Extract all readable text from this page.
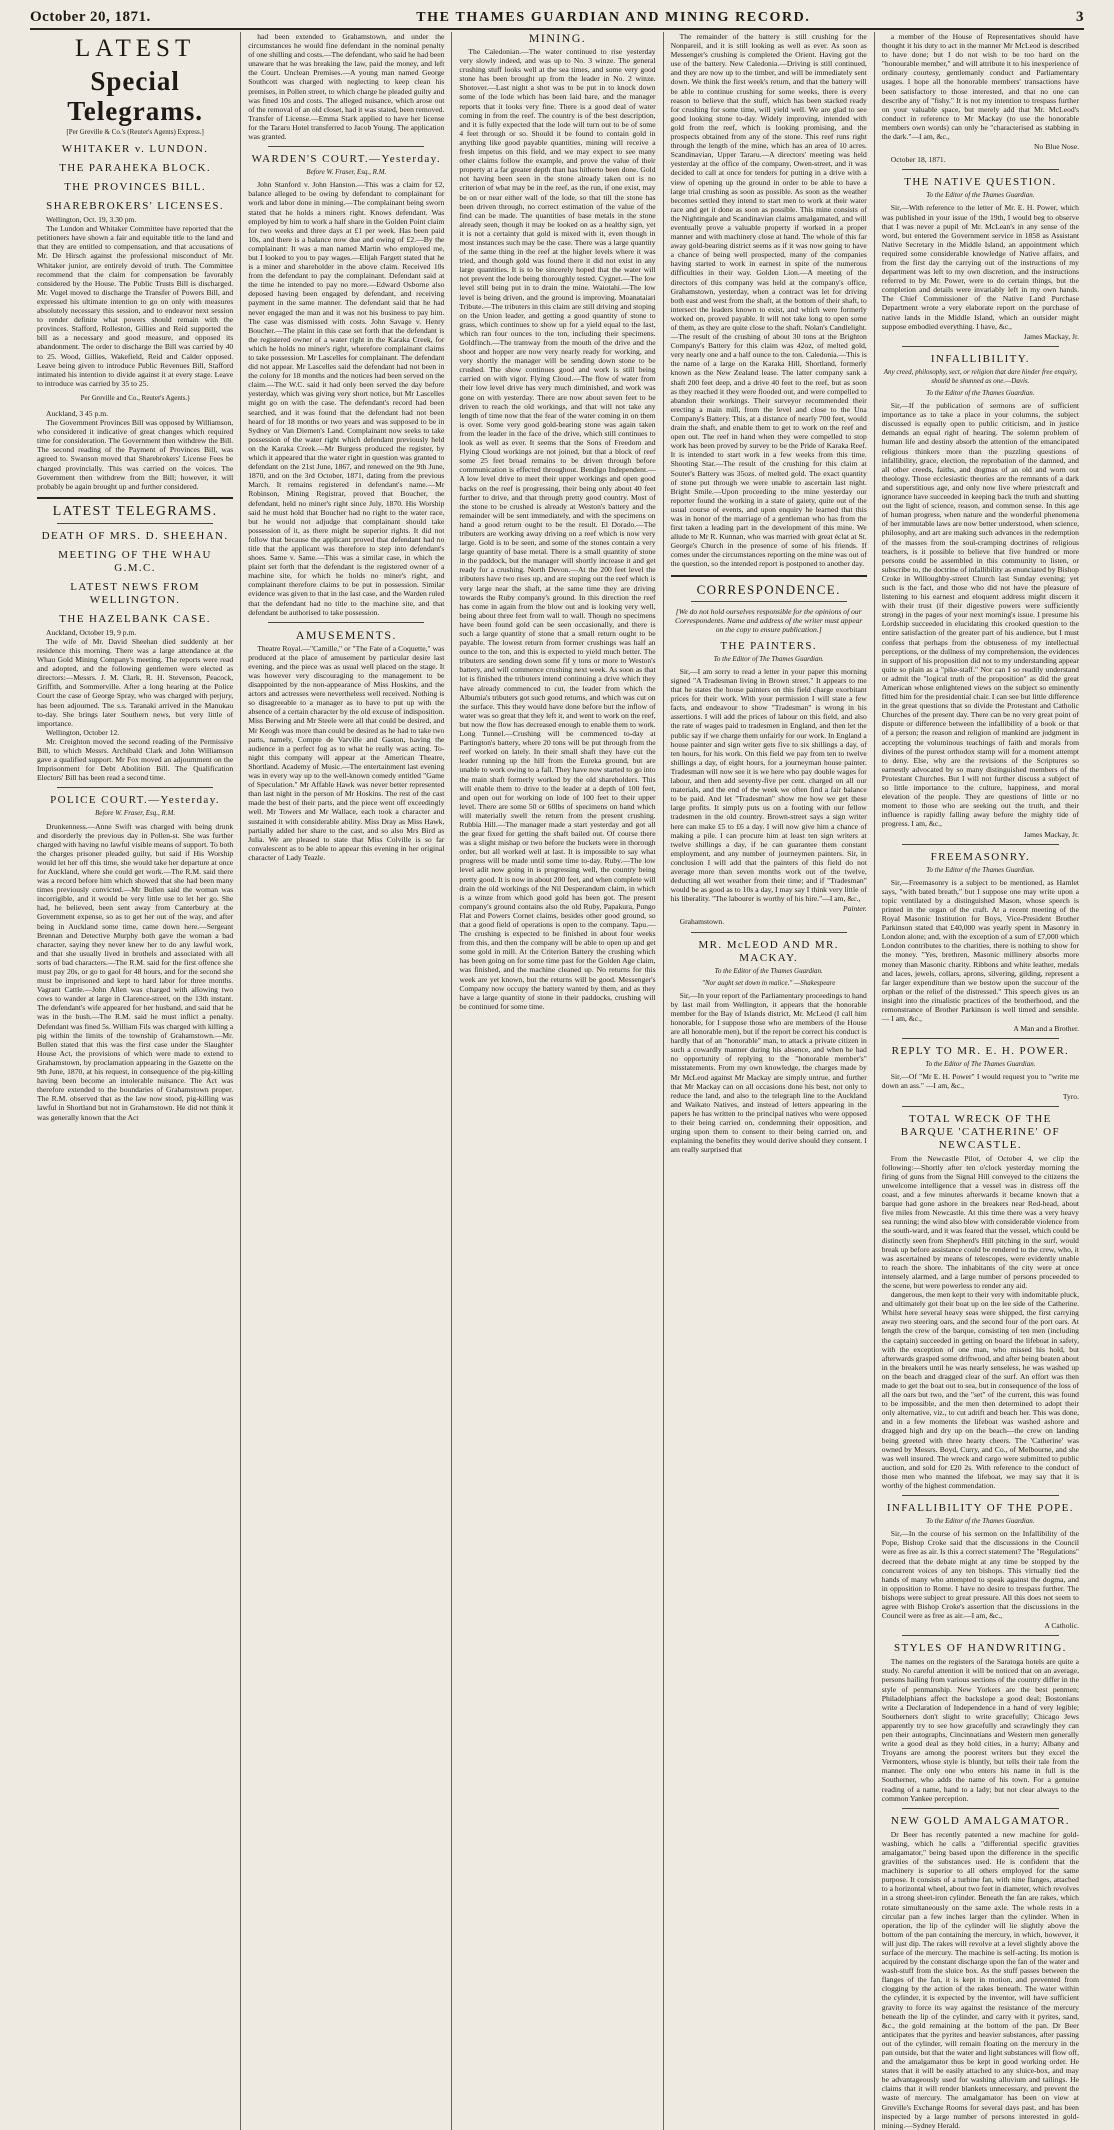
October 20, 1871.	THE THAMES GUARDIAN AND MINING RECORD.	3
LATEST
Special Telegrams.
[Per Greville & Co.'s (Reuter's Agents) Express.]
WHITAKER v. LUNDON.
THE PARAHEKA BLOCK.
THE PROVINCES BILL.
SHAREBROKERS' LICENSES.

Wellington, Oct. 19, 3.30 pm.

The Lundon and Whitaker Committee have reported that the petitioners have shown a fair and equitable title to the land and that they are entitled to compensation, and that accusations of Mr. De Hirsch against the professional misconduct of Mr. Whitaker junior, are entirely devoid of truth. The Committee recommend that the claim for compensation be favorably considered by the House. The Public Trusts Bill is discharged. Mr. Vogel moved to discharge the Transfer of Powers Bill, and expressed his ultimate intention to go on only with measures absolutely necessary this session, and to endeavor next session to render definite what powers should remain with the provinces. Stafford, Rolleston, Gillies and Reid supported the bill as a necessary and good measure, and opposed its abandonment. The order to discharge the Bill was carried by 40 to 25. Wood, Gillies, Wakefield, Reid and Calder opposed. Leave being given to introduce Public Revenues Bill, Stafford intimated his intention to divide against it at every stage. Leave to introduce was carried by 35 to 25.

Per Greville and Co., Reuter's Agents.)

Auckland, 3 45 p.m.

The Government Provinces Bill was opposed by Williamson, who considered it indicative of great changes which required time for consideration. The Government then withdrew the Bill. The second reading of the Payment of Provinces Bill, was agreed to. Swanson moved that Sharebrokers' License Fees be charged provincially. This was carried on the voices. The Government then withdrew from the Bill; however, it will probably be again brought up and further considered.

LATEST TELEGRAMS.
DEATH OF MRS. D. SHEEHAN.
MEETING OF THE WHAU G.M.C.
LATEST NEWS FROM WELLINGTON.
THE HAZELBANK CASE.

Auckland, October 19, 9 p.m.

The wife of Mr. David Sheehan died suddenly at her residence this morning. There was a large attendance at the Whau Gold Mining Company's meeting. The reports were read and adopted, and the following gentlemen were elected as directors:—Messrs. J. M. Clark, R. H. Stevenson, Peacock, Griffith, and Sommerville. After a long hearing at the Police Court the case of George Spray, who was charged with perjury, has been adjourned. The s.s. Taranaki arrived in the Manukau to-day. She brings later Southern news, but very little of importance.

Wellington, October 12.

Mr. Creighton moved the second reading of the Permissive Bill, to which Messrs. Archibald Clark and John Williamson gave a qualified support. Mr Fox moved an adjournment on the Imprisonment for Debt Abolition Bill. The Qualification Electors' Bill has been read a second time.

POLICE COURT.—Yesterday.
Before W. Fraser, Esq., R.M.

Drunkenness.—Anne Swift was charged with being drunk and disorderly the previous day in Pollen-st. She was further charged with having no lawful visible means of support. To both the charges prisoner pleaded guilty, but said if His Worship would let her off this time, she would take her departure at once for Auckland, where she could get work.—The R.M. said there was a record before him which showed that she had been many times previously convicted.—Mr Bullen said the woman was incorrigible, and it would be very little use to let her go. She had, he believed, been sent away from Canterbury at the Government expense, so as to get her out of the way, and after being in Auckland some time, came down here.—Sergeant Brennan and Detective Murphy both gave the woman a bad character, saying they never knew her to do any lawful work, and that she usually lived in brothels and associated with all sorts of bad characters.—The R.M. said for the first offence she must pay 20s, or go to gaol for 48 hours, and for the second she must be imprisoned and kept to hard labor for three months. Vagrant Cattle.—John Allen was charged with allowing two cows to wander at large in Clarence-street, on the 13th instant. The defendant's wife appeared for her husband, and said that he was in the bush.—The R.M. said he must inflict a penalty. Defendant was fined 5s. William Fils was charged with killing a pig within the limits of the township of Grahamstown.—Mr. Bullen stated that this was the first case under the Slaughter House Act, the provisions of which were made to extend to Grahamstown, by proclamation appearing in the Gazette on the 9th June, 1870, at his request, in consequence of the pig-killing having been become an intolerable nuisance. The Act was therefore extended to the boundaries of Grahamstown proper. The R.M. observed that as the law now stood, pig-killing was lawful in Shortland but not in Grahamstown. He did not think it was generally known that the Act

had been extended to Grahamstown, and under the circumstances he would fine defendant in the nominal penalty of one shilling and costs.—The defendant, who said he had been unaware that he was breaking the law, paid the money, and left the Court. Unclean Premises.—A young man named George Southcott was charged with neglecting to keep clean his premises, in Pollen street, to which charge he pleaded guilty and was fined 10s and costs. The alleged nuisance, which arose out of the removal of an old closet, had it was stated, been removed. Transfer of License.—Emma Stark applied to have her license for the Tararu Hotel transferred to Jacob Young. The application was granted.

WARDEN'S COURT.—Yesterday.
Before W. Fraser, Esq., R.M.

John Stanford v. John Hanston.—This was a claim for £2, balance alleged to be owing by defendant to complainant for work and labor done in mining.—The complainant being sworn stated that he holds a miners right. Knows defendant. Was employed by him to work a half share in the Golden Point claim for two weeks and three days at £1 per week. Has been paid 10s, and there is a balance now due and owing of £2.—By the complainant: It was a man named Martin who employed me, but I looked to you to pay wages.—Elijah Fargett stated that he is a miner and shareholder in the above claim. Received 10s from the defendant to pay the complainant. Defendant said at the time he intended to pay no more.—Edward Osborne also deposed having been engaged by defendant, and receiving payment in the same manner. The defendant said that he had never engaged the man and it was not his business to pay him. The case was dismissed with costs. John Savage v. Henry Boucher.—The plaint in this case set forth that the defendant is the registered owner of a water right in the Karaka Creek, for which he holds no miner's right, wherefore complainant claims to take possession. Mr Lascelles for complainant. The defendant did not appear. Mr Lascelles said the defendant had not been in the colony for 18 months and the notices had been served on the claim.—The W.C. said it had only been served the day before yesterday, which was giving very short notice, but Mr Lascelles might go on with the case. The defendant's record had been searched, and it was found that the defendant had not been heard of for 18 months or two years and was supposed to be in Sydney or Van Diemen's Land. Complainant now seeks to take possession of the water right which defendant previously held on the Karaka Creek.—Mr Burgess produced the register, by which it appeared that the water right in question was granted to defendant on the 21st June, 1867, and renewed on the 9th June, 1870, and on the 3rd October, 1871, dating from the previous March. It remains registered in defendant's name.—Mr Robinson, Mining Registrar, proved that Boucher, the defendant, held no miner's right since July, 1870. His Worship said he must hold that Boucher had no right to the water race, but he would not adjudge that complainant should take possession of it, as there might be superior rights. It did not follow that because the applicant proved that defendant had no title that the applicant was therefore to step into defendant's shoes. Same v. Same.—This was a similar case, in which the plaint set forth that the defendant is the registered owner of a machine site, for which he holds no miner's right, and complainant therefore claims to be put in possession. Similar evidence was given to that in the last case, and the Warden ruled that the defendant had no title to the machine site, and that defendant be authorised to take possession.

AMUSEMENTS.

Theatre Royal.—"Camille," or "The Fate of a Coquette," was produced at the place of amusement by particular desire last evening, and the piece was as usual well placed on the stage. It was however very discouraging to the management to be disappointed by the non-appearance of Miss Hoskins, and the actors and actresses were nevertheless well received. Nothing is so disagreeable to a manager as to have to put up with the absence of a certain character by the old excuse of indisposition. Miss Berwing and Mr Steele were all that could be desired, and Mr Keogh was more than could be desired as he had to take two parts, namely, Compte de Varville and Gaston, having the audience in a perfect fog as to what he really was acting. To-night this company will appear at the American Theatre, Shortland. Academy of Music.—The entertainment last evening was in every way up to the well-known comedy entitled "Game of Speculation." Mr Affable Hawk was never better represented than last night in the person of Mr Hoskins. The rest of the cast made the best of their parts, and the piece went off exceedingly well. Mr Towers and Mr Wallace, each took a character and sustained it with considerable ability. Miss Dray as Miss Hawk, partially added her share to the cast, and so also Mrs Bird as Julia. We are pleased to state that Miss Colville is so far convalescent as to be able to appear this evening in her original character of Lady Teazle.

MINING.

The Caledonian.—The water continued to rise yesterday very slowly indeed, and was up to No. 3 winze. The general crushing stuff looks well at the sea times, and some very good stone has been brought up from the leader in No. 2 winze. Shotover.—Last night a shot was to be put in to knock down some of the lode which has been laid bare, and the manager reports that it looks very fine. There is a good deal of water coming in from the reef. The country is of the best description, and it is fully expected that the lode will turn out to be of some 4 feet through or so. Should it be found to contain gold in anything like good payable quantities, mining will receive a fresh impetus on this field, and we may expect to see many other claims follow the example, and prove the value of their property at a far greater depth than has hitherto been done. Gold not having been seen in the stone already taken out is no criterion of what may be in the reef, as the run, if one exist, may be on or near either wall of the lode, so that till the stone has been driven through, no correct estimation of the value of the find can be made. The quantities of base metals in the stone already seen, though it may be looked on as a healthy sign, yet it is not a certainty that gold is mixed with it, even though in most instances such may be the case. There was a large quantity of the same thing in the reef at the higher levels where it was tried, and though gold was found there it did not exist in any large quantities. It is to be sincerely hoped that the water will not prevent the lode being thoroughly tested. Cygnet.—The low level still being put in to drain the mine. Waiotahi.—The low level is being driven, and the ground is improving. Moanataiari Tribute.—The tributers in this claim are still driving and stoping on the Union leader, and getting a good quantity of stone to grass, which continues to show up for a yield equal to the last, which ran four ounces to the ton, including their specimens. Goldfinch.—The tramway from the mouth of the drive and the shoot and hopper are now very nearly ready for working, and very shortly the manager will be sending down stone to be crushed. The show continues good and work is still being carried on with vigor. Flying Cloud.—The flow of water from their low level drive has very much diminished, and work was gone on with yesterday. There are now about seven feet to be driven to reach the old workings, and that will not take any length of time now that the fear of the water coming in on them is over. Some very good gold-bearing stone was again taken from the leader in the face of the drive, which still continues to look as well as ever. It seems that the Sons of Freedom and Flying Cloud workings are not joined, but that a block of reef some 25 feet broad remains to be driven through before communication is effected throughout. Bendigo Independent.—A low level drive to meet their upper workings and open good backs on the reef is progressing, their being only about 40 feet further to drive, and that through pretty good country. Most of the stone to be crushed is already at Weston's battery and the remainder will be sent immediately, and with the specimens on hand a good return ought to be the result. El Dorado.—The tributers are working away driving on a reef which is now very large. Gold is to be seen, and some of the stones contain a very large quantity of base metal. There is a small quantity of stone in the paddock, but the manager will shortly increase it and get ready for a crushing. North Devon.—At the 200 feet level the tributers have two rises up, and are stoping out the reef which is very large near the shaft, at the same time they are driving towards the Ruby company's ground. In this direction the reef has come in again from the blow out and is looking very well, being about three feet from wall to wall. Though no specimens have been found gold can be seen occasionally, and there is such a large quantity of stone that a small return ought to be payable. The lowest return from former crushings was half an ounce to the ton, and this is expected to yield much better. The tributers are sending down some fif y tons or more to Weston's battery, and will commence crushing next week. As soon as that lot is finished the tributers intend continuing a drive which they have already commenced to cut, the leader from which the Albumia's tributers got such good returns, and which was cut on the surface. This they would have done before but the inflow of water was so great that they left it, and went to work on the reef, but now the flow has decreased enough to enable them to work. Long Tunnel.—Crushing will be commenced to-day at Partington's battery, where 20 tons will be put through from the reef worked on lately. In their small shaft they have cut the leader running up the hill from the Eureka ground, but are unable to work owing to a fall. They have now started to go into the main shaft formerly worked by the old shareholders. This will enable them to drive to the leader at a depth of 100 feet, and open out for working on lode of 100 feet to their upper level. There are some 50 or 60lbs of specimens on hand which will materially swell the return from the present crushing. Rubbia Hill.—The manager made a start yesterday and got all the gear fixed for getting the shaft bailed out. Of course there was a slight mishap or two before the buckets were in thorough order, but all worked well at last. It is impossible to say what progress will be made until some time to-day. Ruby.—The low level adit now going in is progressing well, the country being pretty good. It is now in about 200 feet, and when complete will drain the old workings of the Nil Desperandum claim, in which is a winze from which good gold has been got. The present company's ground contains also the old Ruby, Papakura, Pungo Flat and Powers Cornet claims, besides other good ground, so that a good field of operations is open to the company. Tapu.—The crushing is expected to be finished in about four weeks from this, and then the company will be able to open up and get some gold in mill. At the Criterion Battery the crushing which has been going on for some time past for the Golden Age claim, was finished, and the machine cleaned up. No returns for this week are yet known, but the returns will be good. Messenger's Company now occupy the battery wanted by them, and as they have a large quantity of stone in their paddocks, crushing will be continued for some time.

The remainder of the battery is still crushing for the Nonpareil, and it is still looking as well as ever. As soon as Messenger's crushing is completed the Orient. Having got the use of the battery. New Caledonia.—Driving is still continued, and they are now up to the timber, and will be immediately sent down. We think the first week's return, and that the battery will be able to continue crushing for some weeks, there is every reason to believe that the stuff, which has been stacked ready for crushing for some time, will yield well. We are glad to see good looking stone to-day. Widely improving, intended with gold from the reef, which is looking promising, and the prospects obtained from any of the stone. This reef runs right through the length of the mine, which has an area of 10 acres. Scandinavian, Upper Tararu.—A directors' meeting was held yesterday at the office of the company, Owen-street, and it was decided to call at once for tenders for putting in a drive with a view of opening up the ground in order to be able to have a large trial crushing as soon as possible. As soon as the weather becomes settled they intend to start men to work at their water race and get it done as soon as possible. This mine consists of the Nightingale and Scandinavian claims amalgamated, and will eventually prove a valuable property if worked in a proper manner and with machinery close at hand. The whole of this far away gold-bearing district seems as if it was now going to have a chance of being well prospected, many of the companies having started to work in earnest in spite of the numerous difficulties in their way. Golden Lion.—A meeting of the directors of this company was held at the company's office, Grahamstown, yesterday, when a contract was let for driving both east and west from the shaft, at the bottom of their shaft, to intersect the leaders known to exist, and which were formerly worked on, proved payable. It will not take long to open some of them, as they are quite close to the shaft. Nolan's Candlelight.—The result of the crushing of about 30 tons at the Brighton Company's Battery for this claim was 42oz, of melted gold, very nearly one and a half ounce to the ton. Caledonia.—This is the name of a large on the Karaka Hill, Shortland, formerly known as the New Zealand lease. The latter company sank a shaft 200 feet deep, and a drive 40 feet to the reef, but as soon as they reached it they were flooded out, and were compelled to abandon their workings. Their surveyor recommended their erecting a main mill, from the level and close to the Una Company's Battery. This, at a distance of nearly 700 feet, would drain the shaft, and enable them to get to work on the reef and open out. The reef in hand when they were compelled to stop work has been proved by survey to be the Pride of Karaka Reef. It is intended to start work in a few weeks from this time. Shooting Star.—The result of the crushing for this claim at Souter's Battery was 35ozs. of melted gold. The exact quantity of stone put through we were unable to ascertain last night. Bright Smile.—Upon proceeding to the mine yesterday our reporter found the working in a state of gaiety, quite out of the usual course of events, and upon enquiry he learned that this was in honor of the marriage of a gentleman who has from the first taken a leading part in the development of this mine. We allude to Mr R. Kunnan, who was married with great éclat at St. George's Church in the presence of some of his friends. If comes under the circumstances reporting on the mine was out of the question, so the intended report is postponed to another day.

CORRESPONDENCE.
[We do not hold ourselves responsible for the opinions of our Correspondents. Name and address of the writer must appear on the copy to ensure publication.]
THE PAINTERS.
To the Editor of The Thames Guardian.

Sir,—I am sorry to read a letter in your paper this morning signed "A Tradesman living in Brown street." It appears to me that he states the house painters on this field charge exorbitant prices for their work. With your permission I will state a few facts, and endeavour to show "Tradesman" is wrong in his assertions. I will add the prices of labour on this field, and also the rate of wages paid to tradesmen in England, and then let the public say if we charge them unfairly for our work. In England a house painter and sign writer gets five to six shillings a day, of ten hours, for his work. On this field we pay from ten to twelve shillings a day, of eight hours, for a journeyman house painter. Tradesman will now see it is we here who pay double wages for labour, and then add seventy-five per cent. charged on all our materials, and the end of the week we often find a fair balance to be paid. And let "Tradesman" show me how we get these large profits. It simply puts us on a footing with our fellow tradesmen in the old country. Brown-street says a sign writer here can make £5 to £6 a day. I will now give him a chance of making a pile. I can procure him at least ten sign writers at twelve shillings a day, if he can guarantee them constant employment, and any number of journeymen painters. Sir, in conclusion I will add that the painters of this field do not average more than seven months work out of the twelve, deducting all wet weather from their time; and if "Tradesman" would be as good as to 10s a day, I may say I think very little of his liberality. "The labourer is worthy of his hire."—I am, &c.,

Painter.

Grahamstown.

MR. McLEOD AND MR. MACKAY.
To the Editor of the Thames Guardian.
"Nor aught set down in malice." —Shakespeare

Sir,—In your report of the Parliamentary proceedings to hand by last mail from Wellington, it appears that the honorable member for the Bay of Islands district, Mr. McLeod (I call him honorable, for I suppose those who are members of the House are all honorable men), but if the report be correct his conduct is hardly that of an "honorable" man, to attack a private citizen in such a cowardly manner during his absence, and when he had no opportunity of replying to the "honorable member's" misstatements. From my own knowledge, the charges made by Mr McLeod against Mr Mackay are simply untrue, and further that Mr Mackay can on all occasions done his best, not only to reduce the land, and also to the telegraph line to the Auckland and Waikato Natives, and instead of letters appearing in the papers he has written to the principal natives who were opposed to their being carried on, condemning their opposition, and urging upon them to consent to their being carried on, and explaining the benefits they would derive should they consent. I am really surprised that

a member of the House of Representatives should have thought it his duty to act in the manner Mr McLeod is described to have done; but I do not wish to be too hard on the "honourable member," and will attribute it to his inexperience of ordinary courtesy, gentlemanly conduct and Parliamentary usages. I hope all the honorable members' transactions have been satisfactory to those interested, and that no one can describe any of "fishy." It is not my intention to trespass further on your valuable space, but merely add that Mr. McLeod's conduct in reference to Mr Mackay (to use the honorable members own words) can only be "characterised as stabbing in the dark."—I am, &c.,

No Blue Nose.

October 18, 1871.

THE NATIVE QUESTION.
To the Editor of the Thames Guardian.

Sir,—With reference to the letter of Mr. E. H. Power, which was published in your issue of the 19th, I would beg to observe that I was never a pupil of Mr. McLean's in any sense of the word, but entered the Government service in 1858 as Assistant Native Secretary in the Middle Island, an appointment which required some considerable knowledge of Native affairs, and from the first day the carrying out of the instructions of my department was left to my own discretion, and the instructions referred to by Mr. Power, were to do certain things, but the completion and details were invariably left in my own hands. The Chief Commissioner of the Native Land Purchase Department wrote a very elaborate report on the purchase of native lands in the Middle Island, which an outsider might suppose embodied everything. I have, &c.,

James Mackay, Jr.
INFALLIBILITY.
Any creed, philosophy, sect, or religion that dare hinder free enquiry, should be shunned as one.—Davis.
To the Editor of the Thames Guardian.

Sir,—If the publication of sermons are of sufficient importance as to take a place in your columns, the subject discussed is equally open to public criticism, and in justice demands an equal right of hearing. The solemn problem of human life and destiny absorb the attention of the emancipated religious thinkers more than the puzzling questions of infallibility, grace, election, the reprobation of the damned, and all other creeds, faiths, and dogmas of an old and worn out theology. Those ecclesiastic theories are the remnants of a dark and superstitious age, and only now live where priestcraft and ignorance have succeeded in keeping back the truth and shutting out the light of science, reason, and common sense. In this age of human progress, when nature and the wonderful phenomena of her immutable laws are now better understood, when science, philosophy, and art are making such advances in the redemption of the masses from the soul-cramping doctrines of religious teachers, is it possible to believe that five hundred or more persons could be assembled in this community to listen, or subscribe to, the doctrine of infallibility as enunciated by Bishop Croke in Willoughby-street Church last Sunday evening; yet such is the fact, and those who did not have the pleasure of listening to his earnest and eloquent address might discern it with their trust (if their digestive powers were sufficiently strong) in the pages of your next morning's issue. I presume his Lordship succeeded in elucidating this crooked question to the entire satisfaction of the greater part of his audience, but I must confess that perhaps from the obtuseness of my intellectual perceptions, or the dullness of my comprehension, the evidences in support of his proposition did not to my understanding appear quite so plain as a "pike-staff." Nor can I so readily understand or admit the "logical truth of the proposition" as did the great American whose enlightened views on the subject so eminently fitted him for the presidential chair. I can see but little difference in the great questions that so divide the Protestant and Catholic Churches of the present day. There can be no very great point of dispute or difference between the infallibility of a book or that of a person; the reason and religion of mankind are judgment in accepting the voluminous teachings of faith and morals from divines of the purest orthodox stamp will for a moment attempt to deny. Else, why are the revisions of the Scriptures so earnestly advocated by so many distinguished members of the Protestant Churches. But I will not further discuss a subject of so little importance to the culture, happiness, and moral elevation of the people. They are questions of little or no moment to those who are seeking out the truth, and their influence is rapidly falling away before the mighty tide of progress. I am, &c.,

James Mackay, Jr.
FREEMASONRY.
To the Editor of the Thames Guardian.

Sir,—Freemasonry is a subject to be mentioned, as Hamlet says, "with bated breath," but I suppose one may write upon a topic ventilated by a distinguished Mason, whose speech is printed in the organ of the craft. At a recent meeting of the Royal Masonic Institution for Boys, Vice-President Brother Parkinson stated that £40,000 was yearly spent in Masonry in London alone; and, with the exception of a sum of £7,000 which London contributes to the charities, there is nothing to show for the money. "Yes, brethren, Masonic millinery absorbs more money than Masonic charity. Ribbons and white leather, medals and laces, jewels, collars, aprons, silvering, gilding, represent a far larger expenditure than we bestow upon the succour of the orphan or the relief of the distressed." This speech gives us an insight into the ritualistic practices of the brotherhood, and the remonstrance of Brother Parkinson is well timed and sensible. — I am, &c.,

A Man and a Brother.
REPLY TO MR. E. H. POWER.
To the Editor of The Thames Guardian.

Sir,—Of "Mr E. H. Power" I would request you to "write me down an ass." —I am, &c.,

Tyro.
TOTAL WRECK OF THE BARQUE 'CATHERINE' OF NEWCASTLE.

From the Newcastle Pilot, of October 4, we clip the following:—Shortly after ten o'clock yesterday morning the firing of guns from the Signal Hill conveyed to the citizens the unwelcome intelligence that a vessel was in distress off the coast, and a few minutes afterwards it became known that a barque had gone ashore in the breakers near Red-head, about five miles from Newcastle. At this time there was a very heavy sea running; the wind also blew with considerable violence from the south-ward, and it was feared that the vessel, which could be distinctly seen from Shepherd's Hill pitching in the surf, would break up before assistance could be rendered to the crew, who, it was ascertained by means of telescopes, were evidently unable to reach the shore. The inhabitants of the city were at once intensely alarmed, and a large number of persons proceeded to the scene, but were powerless to render any aid.

dangerous, the men kept to their very with indomitable pluck, and ultimately got their boat up on the lee side of the Catherine. Whilst here several heavy seas were shipped, the first carrying away two steering oars, and the second four of the port oars. At length the crew of the barque, consisting of ten men (including the captain) succeeded in getting on board the lifeboat in safety, with the exception of one man, who missed his hold, but afterwards grasped some driftwood, and after being beaten about in the breakers until he was nearly senseless, he was washed up on the beach and dragged clear of the surf. An effort was then made to get the boat out to sea, but in consequence of the loss of all the oars but two, and the "set" of the current, this was found to be impossible, and the men then determined to adopt their only alternative, viz., to cut adrift and beach her. This was done, and in a few moments the lifeboat was washed ashore and dragged high and dry up on the beach—the crew on landing being greeted with three hearty cheers. The 'Catherine' was owned by Messrs. Boyd, Curry, and Co., of Melbourne, and she was well insured. The wreck and cargo were submitted to public auction, and sold for £20 2s. With reference to the conduct of those men who manned the lifeboat, we may say that it is worthy of the highest commendation.

INFALLIBILITY OF THE POPE.
To the Editor of the Thames Guardian.

Sir,—In the course of his sermon on the Infallibility of the Pope, Bishop Croke said that the discussions in the Council were as free as air. Is this a correct statement? The "Regulations" decreed that the debate might at any time be stopped by the concurrent voices of any ten bishops. This virtually tied the hands of many who attempted to speak against the dogma, and in opposition to Rome. I have no desire to trespass further. The bishops were subject to great pressure. All this does not seem to agree with Bishop Croke's assertion that the discussions in the Council were as free as air.—I am, &c.,

A Catholic.
STYLES OF HANDWRITING.

The names on the registers of the Saratoga hotels are quite a study. No careful attention it will be noticed that on an average, persons hailing from various sections of the country differ in the style of penmanship. New Yorkers are the best penmen; Philadelphians affect the backslope a good deal; Bostonians write a Declaration of Independence in a hand of very legible; Southerners don't slight to write gracefully; Chicago Jews apparently try to see how gracefully and scrawlingly they can pen their autographs, Cincinnatians and Western men generally write a good deal as they hold cities, in a hurry; Albany and Troyans are among the poorest writers but they excel the Vermonters, whose style is bluntly, but tells their tale from the manner. The only one who enters his name in full is the Southerner, who adds the name of his town. For a genuine reading of a name, hand to a lady; but not clear always to the common Yankee perception.

NEW GOLD AMALGAMATOR.

Dr Beer has recently patented a new machine for gold-washing, which he calls a "differential specific gravities amalgamator," being based upon the difference in the specific gravities of the substances used. He is confident that the machinery is superior to all others employed for the same purpose. It consists of a turbine fan, with nine flanges, attached to a horizontal wheel, about two feet in diameter, which revolves in a strong sheet-iron cylinder. Beneath the fan are rakes, which rotate simultaneously on the same axle. The whole rests in a circular pan a few inches larger than the cylinder. When in operation, the lip of the cylinder will lie slightly above the bottom of the pan containing the mercury, in which, however, it will just dip. The rakes will revolve at a level slightly above the surface of the mercury. The machine is self-acting. Its motion is acquired by the constant discharge upon the fan of the water and wash-stuff from the sluice box. As the stuff passes between the flanges of the fan, it is kept in motion, and prevented from clogging by the action of the rakes beneath. The water within the cylinder, it is expected by the inventor, will have sufficient gravity to force its way against the resistance of the mercury beneath the lip of the cylinder, and carry with it pyrites, sand, &c., the gold remaining at the bottom of the pan. Dr Beer anticipates that the pyrites and heavier substances, after passing out of the cylinder, will remain floating on the mercury in the pan outside, but that the water and light substances will flow off, and the amalgamator thus be kept in good working order. He states that it will be easily attached to any sluice-box, and may be advantageously used for washing alluvium and tailings. He claims that it will render blankets unnecessary, and prevent the waste of mercury. The amalgamator has been on view at Greville's Exchange Rooms for several days past, and has been inspected by a large number of persons interested in gold-mining.—Sydney Herald.
